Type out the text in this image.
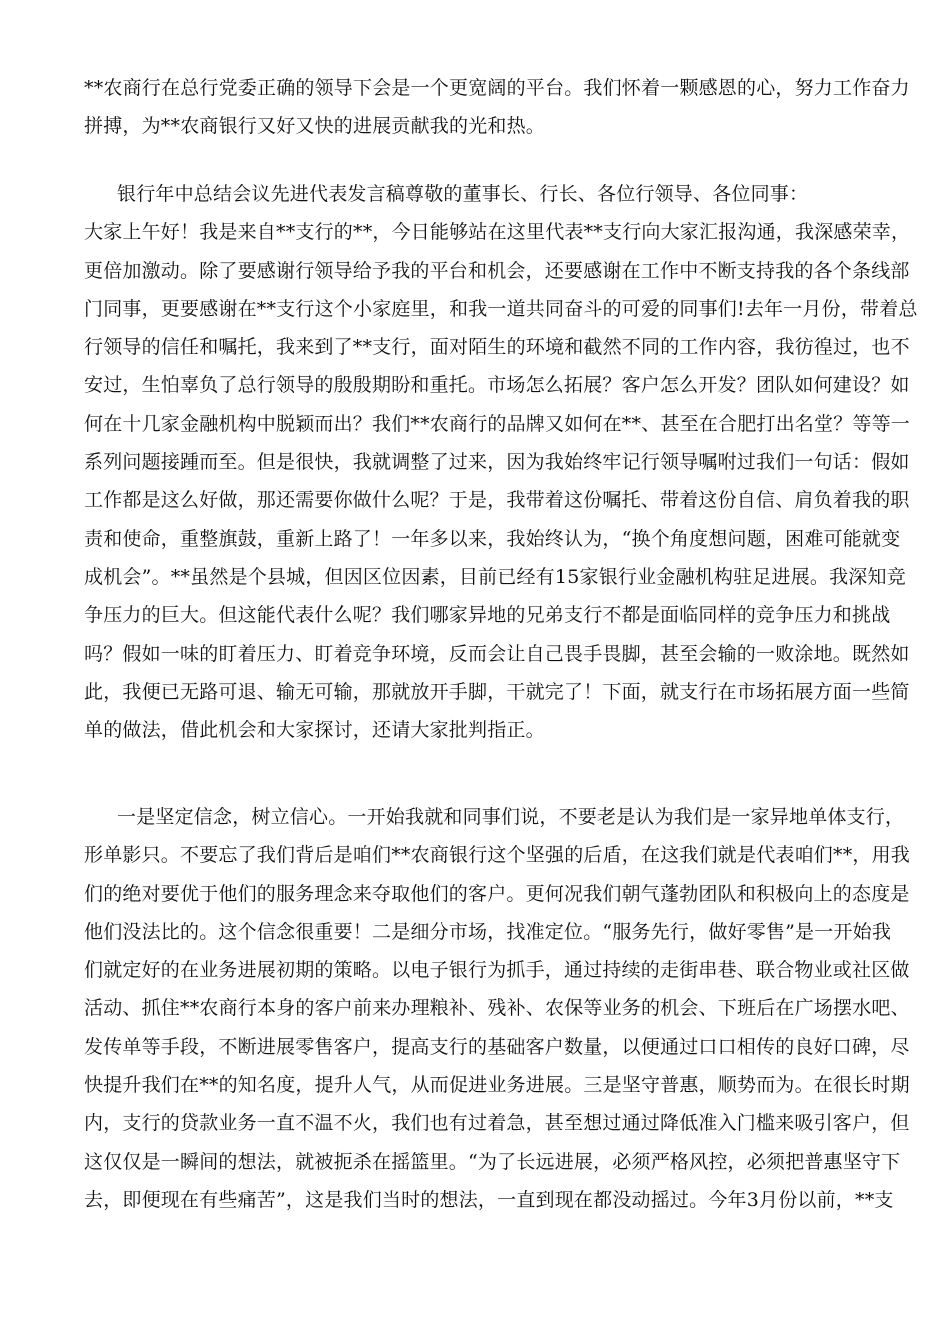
**农商行在总行党委正确的领导下会是一个更宽阔的平台。我们怀着一颗感恩的心，努力工作奋力
拼搏，为**农商银行又好又快的进展贡献我的光和热。
银行年中总结会议先进代表发言稿尊敬的董事长、行长、各位行领导、各位同事：
大家上午好！我是来自**支行的**，今日能够站在这里代表**支行向大家汇报沟通，我深感荣幸，
更倍加激动。除了要感谢行领导给予我的平台和机会，还要感谢在工作中不断支持我的各个条线部
门同事，更要感谢在**支行这个小家庭里，和我一道共同奋斗的可爱的同事们!去年一月份，带着总
行领导的信任和嘱托，我来到了**支行，面对陌生的环境和截然不同的工作内容，我彷徨过，也不
安过，生怕辜负了总行领导的殷殷期盼和重托。市场怎么拓展？客户怎么开发？团队如何建设？如
何在十几家金融机构中脱颖而出？我们**农商行的品牌又如何在**、甚至在合肥打出名堂？等等一
系列问题接踵而至。但是很快，我就调整了过来，因为我始终牢记行领导嘱咐过我们一句话：假如
工作都是这么好做，那还需要你做什么呢？于是，我带着这份嘱托、带着这份自信、肩负着我的职
责和使命，重整旗鼓，重新上路了！一年多以来，我始终认为，“换个角度想问题，困难可能就变
成机会”。**虽然是个县城，但因区位因素，目前已经有15家银行业金融机构驻足进展。我深知竞
争压力的巨大。但这能代表什么呢？我们哪家异地的兄弟支行不都是面临同样的竞争压力和挑战
吗？假如一味的盯着压力、盯着竞争环境，反而会让自己畏手畏脚，甚至会输的一败涂地。既然如
此，我便已无路可退、输无可输，那就放开手脚，干就完了！下面，就支行在市场拓展方面一些简
单的做法，借此机会和大家探讨，还请大家批判指正。
一是坚定信念，树立信心。一开始我就和同事们说，不要老是认为我们是一家异地单体支行，
形单影只。不要忘了我们背后是咱们**农商银行这个坚强的后盾，在这我们就是代表咱们**，用我
们的绝对要优于他们的服务理念来夺取他们的客户。更何况我们朝气蓬勃团队和积极向上的态度是
他们没法比的。这个信念很重要！二是细分市场，找准定位。“服务先行，做好零售”是一开始我
们就定好的在业务进展初期的策略。以电子银行为抓手，通过持续的走街串巷、联合物业或社区做
活动、抓住**农商行本身的客户前来办理粮补、残补、农保等业务的机会、下班后在广场摆水吧、
发传单等手段，不断进展零售客户，提高支行的基础客户数量，以便通过口口相传的良好口碑，尽
快提升我们在**的知名度，提升人气，从而促进业务进展。三是坚守普惠，顺势而为。在很长时期
内，支行的贷款业务一直不温不火，我们也有过着急，甚至想过通过降低准入门槛来吸引客户，但
这仅仅是一瞬间的想法，就被扼杀在摇篮里。“为了长远进展，必须严格风控，必须把普惠坚守下
去，即便现在有些痛苦”，这是我们当时的想法，一直到现在都没动摇过。今年3月份以前，**支
